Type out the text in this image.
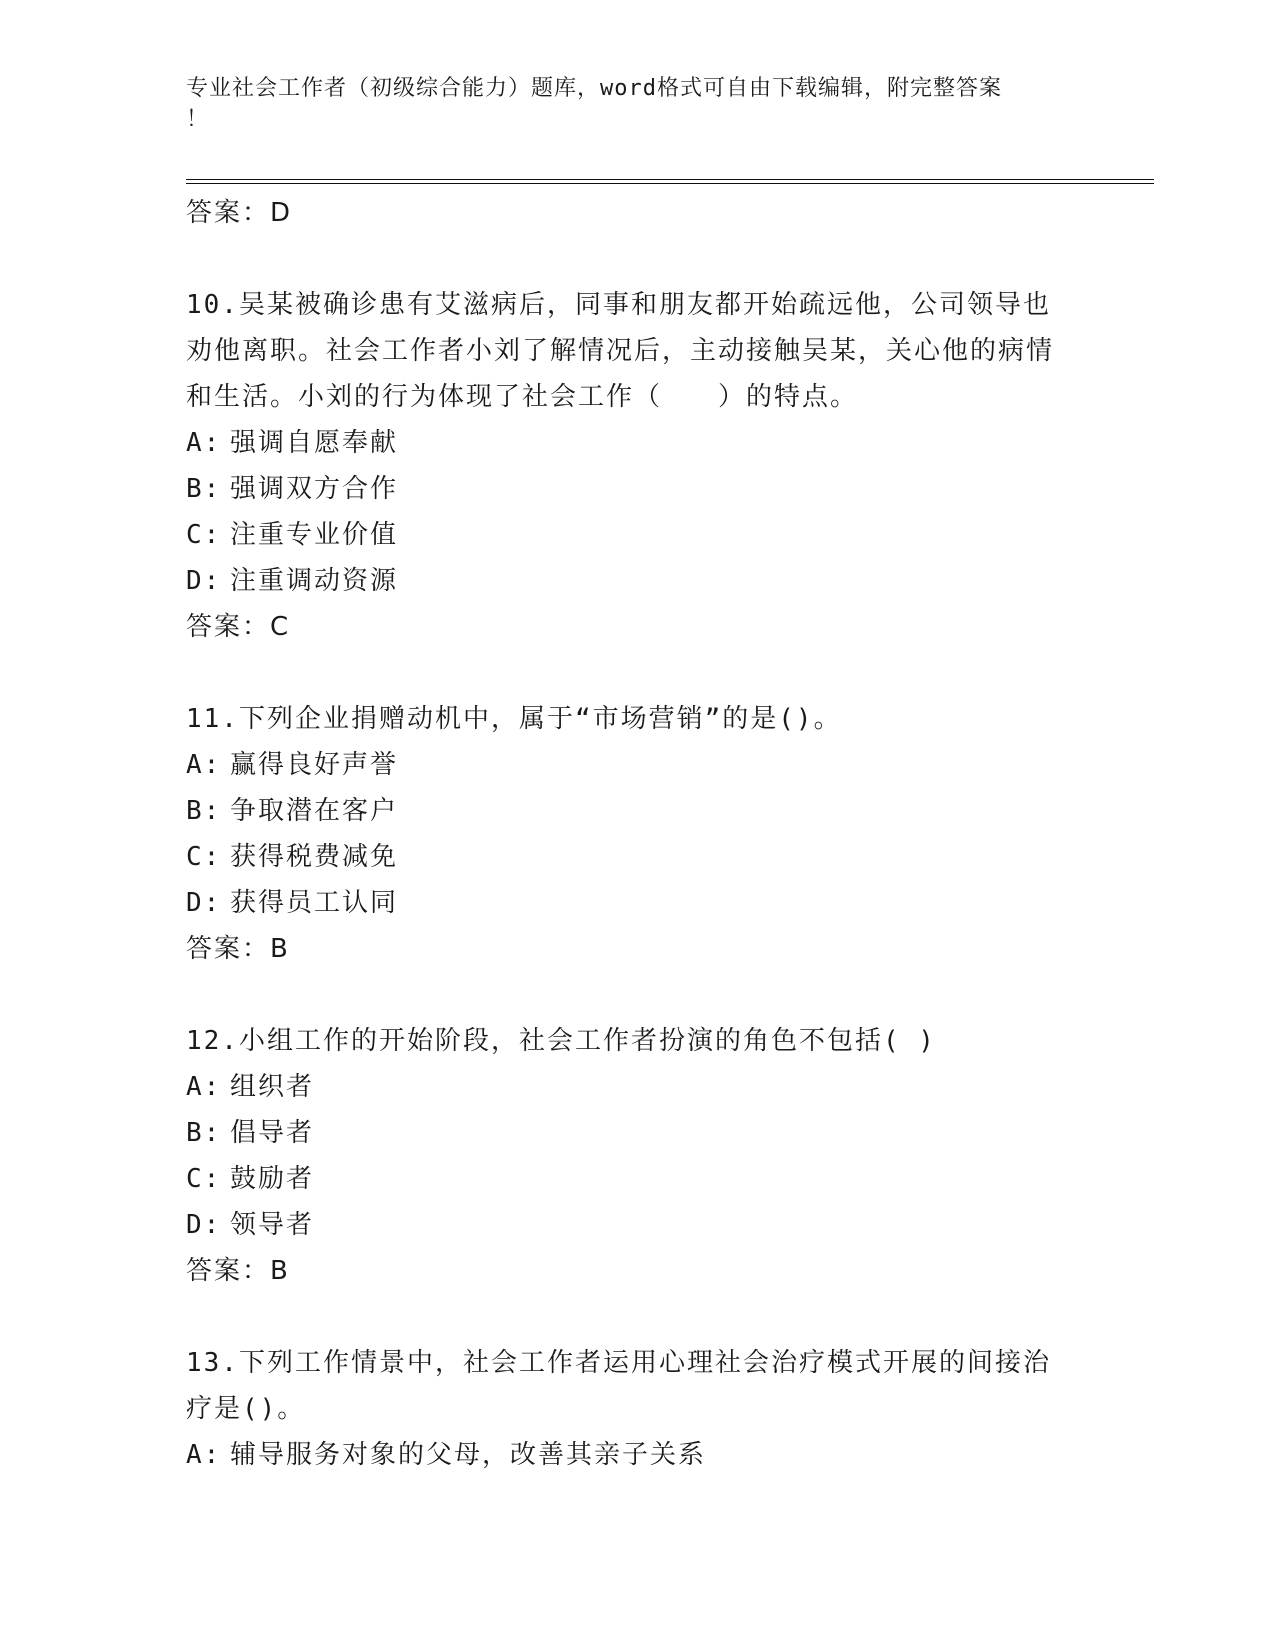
专业社会工作者（初级综合能力）题库，word格式可自由下载编辑，附完整答案
！
答案：D
10.吴某被确诊患有艾滋病后，同事和朋友都开始疏远他，公司领导也劝他离职。社会工作者小刘了解情况后，主动接触吴某，关心他的病情和生活。小刘的行为体现了社会工作（　　）的特点。
A: 强调自愿奉献
B: 强调双方合作
C: 注重专业价值
D: 注重调动资源
答案：C
11.下列企业捐赠动机中，属于“市场营销”的是()。
A: 赢得良好声誉
B: 争取潜在客户
C: 获得税费减免
D: 获得员工认同
答案：B
12.小组工作的开始阶段，社会工作者扮演的角色不包括( )
A: 组织者
B: 倡导者
C: 鼓励者
D: 领导者
答案：B
13.下列工作情景中，社会工作者运用心理社会治疗模式开展的间接治疗是()。
A: 辅导服务对象的父母，改善其亲子关系
